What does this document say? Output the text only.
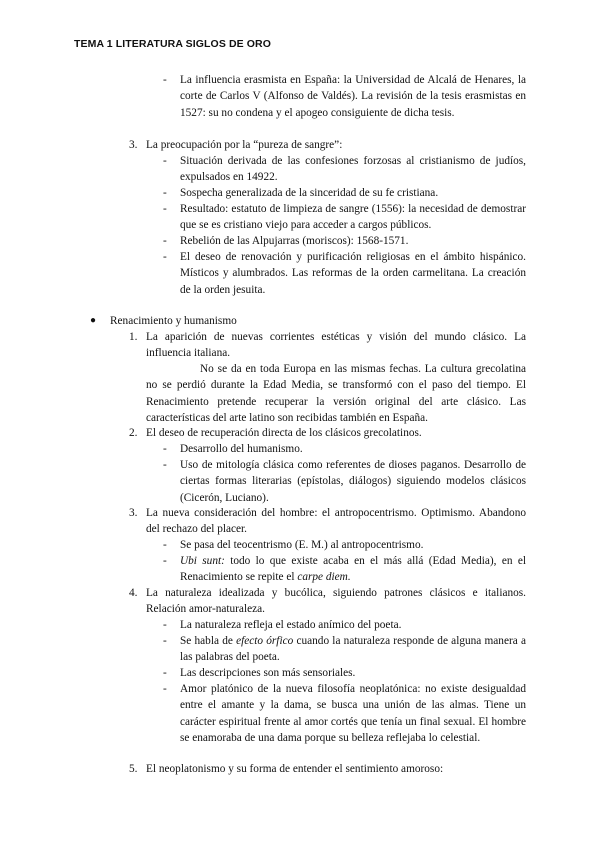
TEMA 1 LITERATURA SIGLOS DE ORO
- La influencia erasmista en España: la Universidad de Alcalá de Henares, la corte de Carlos V (Alfonso de Valdés). La revisión de la tesis erasmistas en 1527: su no condena y el apogeo consiguiente de dicha tesis.
3. La preocupación por la “pureza de sangre”:
- Situación derivada de las confesiones forzosas al cristianismo de judíos, expulsados en 14922.
- Sospecha generalizada de la sinceridad de su fe cristiana.
- Resultado: estatuto de limpieza de sangre (1556): la necesidad de demostrar que se es cristiano viejo para acceder a cargos públicos.
- Rebelión de las Alpujarras (moriscos): 1568-1571.
- El deseo de renovación y purificación religiosas en el ámbito hispánico. Místicos y alumbrados. Las reformas de la orden carmelitana. La creación de la orden jesuita.
● Renacimiento y humanismo
1. La aparición de nuevas corrientes estéticas y visión del mundo clásico. La influencia italiana.
No se da en toda Europa en las mismas fechas. La cultura grecolatina no se perdió durante la Edad Media, se transformó con el paso del tiempo. El Renacimiento pretende recuperar la versión original del arte clásico. Las características del arte latino son recibidas también en España.
2. El deseo de recuperación directa de los clásicos grecolatinos.
- Desarrollo del humanismo.
- Uso de mitología clásica como referentes de dioses paganos. Desarrollo de ciertas formas literarias (epístolas, diálogos) siguiendo modelos clásicos (Cicerón, Luciano).
3. La nueva consideración del hombre: el antropocentrismo. Optimismo. Abandono del rechazo del placer.
- Se pasa del teocentrismo (E. M.) al antropocentrismo.
- Ubi sunt: todo lo que existe acaba en el más allá (Edad Media), en el Renacimiento se repite el carpe diem.
4. La naturaleza idealizada y bucólica, siguiendo patrones clásicos e italianos. Relación amor-naturaleza.
- La naturaleza refleja el estado anímico del poeta.
- Se habla de efecto órfico cuando la naturaleza responde de alguna manera a las palabras del poeta.
- Las descripciones son más sensoriales.
- Amor platónico de la nueva filosofía neoplatónica: no existe desigualdad entre el amante y la dama, se busca una unión de las almas. Tiene un carácter espiritual frente al amor cortés que tenía un final sexual. El hombre se enamoraba de una dama porque su belleza reflejaba lo celestial.
5. El neoplatonismo y su forma de entender el sentimiento amoroso:
